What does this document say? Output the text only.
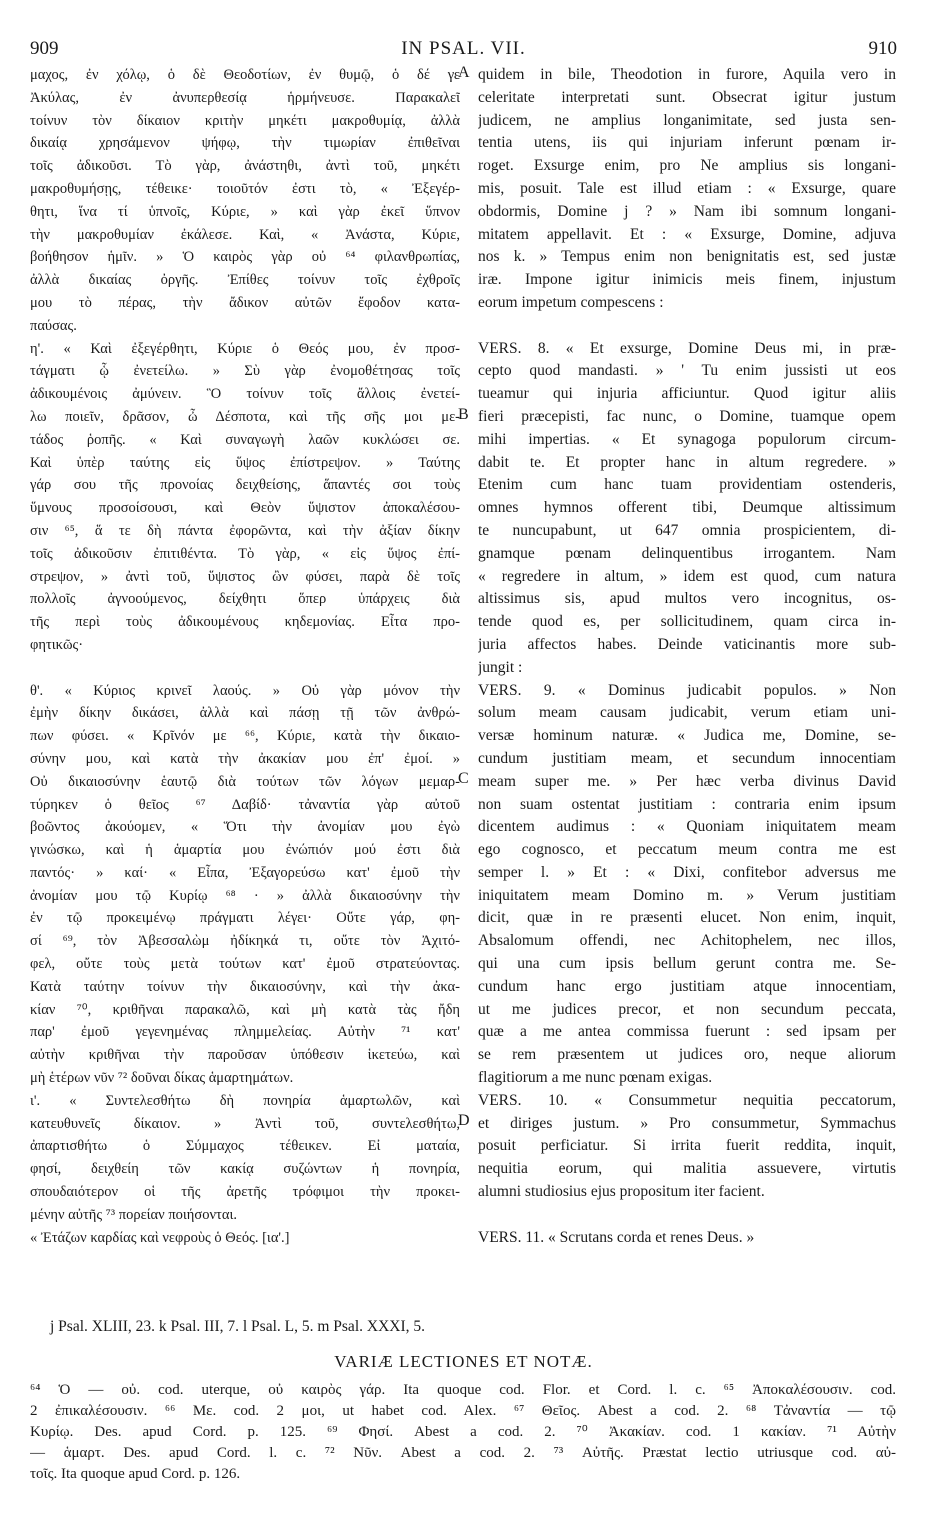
909	IN PSAL. VII.	910
μαχος, ἐν χόλῳ, ὁ δὲ Θεοδοτίων, ἐν θυμῷ, ὁ δέ γε
Ἀκύλας, ἐν ἀνυπερθεσίᾳ ἡρμήνευσε. Παρακαλεῖ
τοίνυν τὸν δίκαιον κριτὴν μηκέτι μακροθυμίᾳ, ἀλλὰ
δικαίᾳ χρησάμενον ψήφῳ, τὴν τιμωρίαν ἐπιθεῖναι
τοῖς ἀδικοῦσι. Τὸ γὰρ, ἀνάστηθι, ἀντὶ τοῦ, μηκέτι
μακροθυμήσῃς, τέθεικε· τοιοῦτόν ἐστι τὸ, « Ἐξεγέρ-
θητι, ἵνα τί ὑπνοῖς, Κύριε, » καὶ γὰρ ἐκεῖ ὕπνον
τὴν μακροθυμίαν ἐκάλεσε. Καὶ, « Ἀνάστα, Κύριε,
βοήθησον ἡμῖν. » Ὁ καιρὸς γὰρ οὐ ⁶⁴ φιλανθρωπίας,
ἀλλὰ δικαίας ὀργῆς. Ἐπίθες τοίνυν τοῖς ἐχθροῖς
μου τὸ πέρας, τὴν ἄδικον αὐτῶν ἔφοδον κατα-
παύσας.
η'. « Καὶ ἐξεγέρθητι, Κύριε ὁ Θεός μου, ἐν προσ-
τάγματι ᾧ ἐνετείλω. » Σὺ γὰρ ἐνομοθέτησας τοῖς
ἀδικουμένοις ἀμύνειν. Ὃ τοίνυν τοῖς ἄλλοις ἐνετεί-
λω ποιεῖν, δρᾶσον, ὦ Δέσποτα, καὶ τῆς σῆς μοι με-
τάδος ῥοπῆς. « Καὶ συναγωγὴ λαῶν κυκλώσει σε.
Καὶ ὑπὲρ ταύτης εἰς ὕψος ἐπίστρεψον. » Ταύτης
γάρ σου τῆς προνοίας δειχθείσης, ἅπαντές σοι τοὺς
ὕμνους προσοίσουσι, καὶ Θεὸν ὕψιστον ἀποκαλέσου-
σιν ⁶⁵, ἅ τε δὴ πάντα ἐφορῶντα, καὶ τὴν ἀξίαν δίκην
τοῖς ἀδικοῦσιν ἐπιτιθέντα. Τὸ γὰρ, « εἰς ὕψος ἐπί-
στρεψον, » ἀντὶ τοῦ, ὕψιστος ὢν φύσει, παρὰ δὲ τοῖς
πολλοῖς ἀγνοούμενος, δείχθητι ὅπερ ὑπάρχεις διὰ
τῆς περὶ τοὺς ἀδικουμένους κηδεμονίας. Εἶτα προ-
φητικῶς·
θ'. « Κύριος κρινεῖ λαούς. » Οὐ γὰρ μόνον τὴν
ἐμὴν δίκην δικάσει, ἀλλὰ καὶ πάσῃ τῇ τῶν ἀνθρώ-
πων φύσει. « Κρῖνόν με ⁶⁶, Κύριε, κατὰ τὴν δικαιο-
σύνην μου, καὶ κατὰ τὴν ἀκακίαν μου ἐπ' ἐμοί. »
Οὐ δικαιοσύνην ἑαυτῷ διὰ τούτων τῶν λόγων μεμαρ-
τύρηκεν ὁ θεῖος ⁶⁷ Δαβίδ· τἀναντία γὰρ αὐτοῦ
βοῶντος ἀκούομεν, « Ὅτι τὴν ἀνομίαν μου ἐγὼ
γινώσκω, καὶ ἡ ἁμαρτία μου ἐνώπιόν μού ἐστι διὰ
παντός· » καί· « Εἶπα, Ἐξαγορεύσω κατ' ἐμοῦ τὴν
ἀνομίαν μου τῷ Κυρίῳ ⁶⁸ · » ἀλλὰ δικαιοσύνην τὴν
ἐν τῷ προκειμένῳ πράγματι λέγει· Οὔτε γάρ, φη-
σί ⁶⁹, τὸν Ἀβεσσαλὼμ ἠδίκηκά τι, οὔτε τὸν Ἀχιτό-
φελ, οὔτε τοὺς μετὰ τούτων κατ' ἐμοῦ στρατεύοντας.
Κατὰ ταύτην τοίνυν τὴν δικαιοσύνην, καὶ τὴν ἀκα-
κίαν ⁷⁰, κριθῆναι παρακαλῶ, καὶ μὴ κατὰ τὰς ἤδη
παρ' ἐμοῦ γεγενημένας πλημμελείας. Αὐτὴν ⁷¹ κατ'
αὐτὴν κριθῆναι τὴν παροῦσαν ὑπόθεσιν ἱκετεύω, καὶ
μὴ ἑτέρων νῦν ⁷² δοῦναι δίκας ἁμαρτημάτων.
ι'. « Συντελεσθήτω δὴ πονηρία ἁμαρτωλῶν, καὶ
κατευθυνεῖς δίκαιον. » Ἀντὶ τοῦ, συντελεσθήτω,
ἀπαρτισθήτω ὁ Σύμμαχος τέθεικεν. Εἰ ματαία,
φησί, δειχθείη τῶν κακίᾳ συζώντων ἡ πονηρία,
σπουδαιότερον οἱ τῆς ἀρετῆς τρόφιμοι τὴν προκει-
μένην αὐτῆς ⁷³ πορείαν ποιήσονται.
« Ἐτάζων καρδίας καὶ νεφροὺς ὁ Θεός. [ια'.]
A
B
C
D
quidem in bile, Theodotion in furore, Aquila vero in
celeritate interpretati sunt. Obsecrat igitur justum
judicem, ne amplius longanimitate, sed justa sen-
tentia utens, iis qui injuriam inferunt pœnam ir-
roget. Exsurge enim, pro Ne amplius sis longani-
mis, posuit. Tale est illud etiam : « Exsurge, quare
obdormis, Domine j ? » Nam ibi somnum longani-
mitatem appellavit. Et : « Exsurge, Domine, adjuva
nos k. » Tempus enim non benignitatis est, sed justæ
iræ. Impone igitur inimicis meis finem, injustum
eorum impetum compescens :
VERS. 8. « Et exsurge, Domine Deus mi, in præ-
cepto quod mandasti. » ' Tu enim jussisti ut eos
tueamur qui injuria afficiuntur. Quod igitur aliis
fieri præcepisti, fac nunc, o Domine, tuamque opem
mihi impertias. « Et synagoga populorum circum-
dabit te. Et propter hanc in altum regredere. »
Etenim cum hanc tuam providentiam ostenderis,
omnes hymnos offerent tibi, Deumque altissimum
te nuncupabunt, ut 647 omnia prospicientem, di-
gnamque pœnam delinquentibus irrogantem. Nam
« regredere in altum, » idem est quod, cum natura
altissimus sis, apud multos vero incognitus, os-
tende quod es, per sollicitudinem, quam circa in-
juria affectos habes. Deinde vaticinantis more sub-
jungit :
VERS. 9. « Dominus judicabit populos. » Non
solum meam causam judicabit, verum etiam uni-
versæ hominum naturæ. « Judica me, Domine, se-
cundum justitiam meam, et secundum innocentiam
meam super me. » Per hæc verba divinus David
non suam ostentat justitiam : contraria enim ipsum
dicentem audimus : « Quoniam iniquitatem meam
ego cognosco, et peccatum meum contra me est
semper l. » Et : « Dixi, confitebor adversus me
iniquitatem meam Domino m. » Verum justitiam
dicit, quæ in re præsenti elucet. Non enim, inquit,
Absalomum offendi, nec Achitophelem, nec illos,
qui una cum ipsis bellum gerunt contra me. Se-
cundum hanc ergo justitiam atque innocentiam,
ut me judices precor, et non secundum peccata,
quæ a me antea commissa fuerunt : sed ipsam per
se rem præsentem ut judices oro, neque aliorum
flagitiorum a me nunc pœnam exigas.
VERS. 10. « Consummetur nequitia peccatorum,
et diriges justum. » Pro consummetur, Symmachus
posuit perficiatur. Si irrita fuerit reddita, inquit,
nequitia eorum, qui malitia assuevere, virtutis
alumni studiosius ejus propositum iter facient.
VERS. 11. « Scrutans corda et renes Deus. »
j Psal. XLIII, 23. k Psal. III, 7. l Psal. L, 5. m Psal. XXXI, 5.
VARIÆ LECTIONES ET NOTÆ.
⁶⁴ Ὁ — οὐ. cod. uterque, οὐ καιρὸς γάρ. Ita quoque cod. Flor. et Cord. l. c. ⁶⁵ Ἀποκαλέσουσιν. cod.
2 ἐπικαλέσουσιν. ⁶⁶ Με. cod. 2 μοι, ut habet cod. Alex. ⁶⁷ Θεῖος. Abest a cod. 2. ⁶⁸ Τἀναντία — τῷ
Κυρίῳ. Des. apud Cord. p. 125. ⁶⁹ Φησί. Abest a cod. 2. ⁷⁰ Ἀκακίαν. cod. 1 κακίαν. ⁷¹ Αὐτὴν
— ἁμαρτ. Des. apud Cord. l. c. ⁷² Νῦν. Abest a cod. 2. ⁷³ Αὐτῆς. Præstat lectio utriusque cod. αὐ-
τοῖς. Ita quoque apud Cord. p. 126.
